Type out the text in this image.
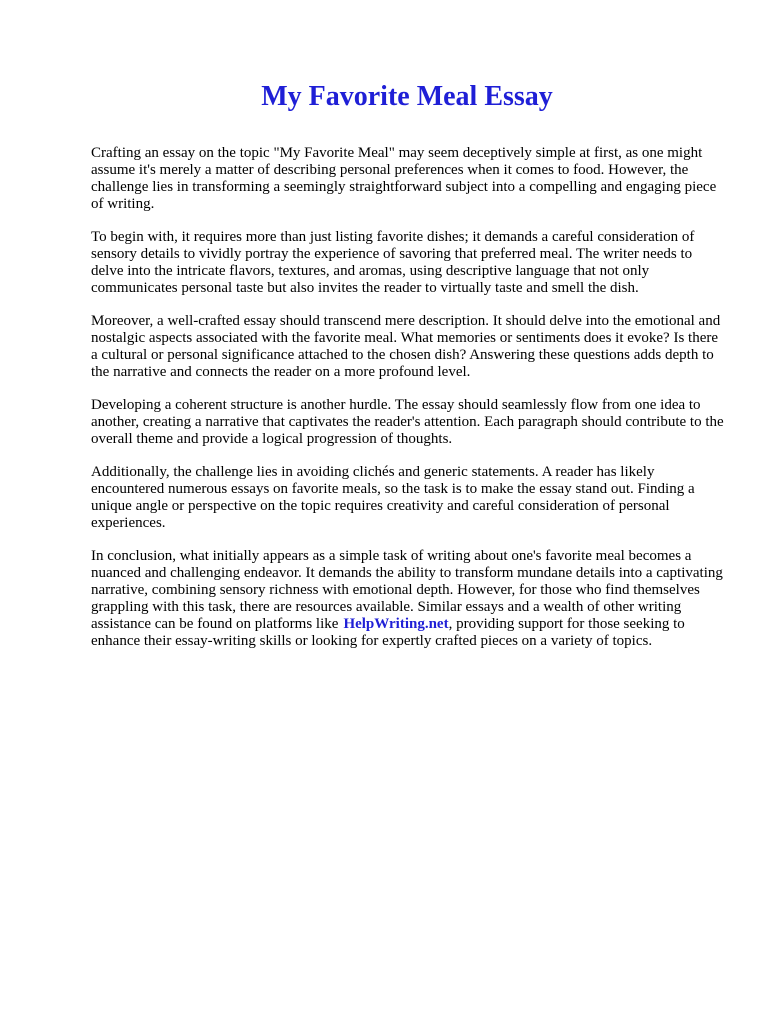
My Favorite Meal Essay

Crafting an essay on the topic "My Favorite Meal" may seem deceptively simple at first, as one might assume it's merely a matter of describing personal preferences when it comes to food. However, the challenge lies in transforming a seemingly straightforward subject into a compelling and engaging piece of writing.

To begin with, it requires more than just listing favorite dishes; it demands a careful consideration of sensory details to vividly portray the experience of savoring that preferred meal. The writer needs to delve into the intricate flavors, textures, and aromas, using descriptive language that not only communicates personal taste but also invites the reader to virtually taste and smell the dish.

Moreover, a well-crafted essay should transcend mere description. It should delve into the emotional and nostalgic aspects associated with the favorite meal. What memories or sentiments does it evoke? Is there a cultural or personal significance attached to the chosen dish? Answering these questions adds depth to the narrative and connects the reader on a more profound level.

Developing a coherent structure is another hurdle. The essay should seamlessly flow from one idea to another, creating a narrative that captivates the reader's attention. Each paragraph should contribute to the overall theme and provide a logical progression of thoughts.

Additionally, the challenge lies in avoiding clichés and generic statements. A reader has likely encountered numerous essays on favorite meals, so the task is to make the essay stand out. Finding a unique angle or perspective on the topic requires creativity and careful consideration of personal experiences.

In conclusion, what initially appears as a simple task of writing about one's favorite meal becomes a nuanced and challenging endeavor. It demands the ability to transform mundane details into a captivating narrative, combining sensory richness with emotional depth. However, for those who find themselves grappling with this task, there are resources available. Similar essays and a wealth of other writing assistance can be found on platforms like HelpWriting.net, providing support for those seeking to enhance their essay-writing skills or looking for expertly crafted pieces on a variety of topics.
